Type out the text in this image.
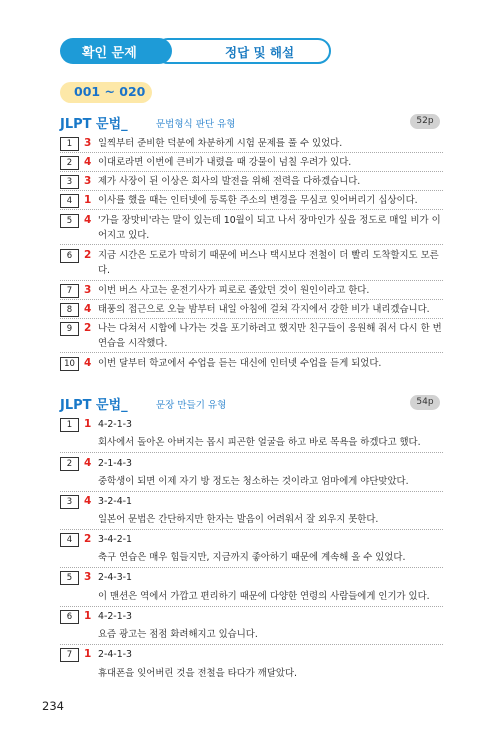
정답 및 해설
확인 문제
001 ~ 020
JLPT 문법_	문법형식 판단 유형	52p
1	3 일찍부터 준비한 덕분에 차분하게 시험 문제를 풀 수 있었다.
2	4 이대로라면 이번에 큰비가 내렸을 때 강물이 넘칠 우려가 있다.
3	3 제가 사장이 된 이상은 회사의 발전을 위해 전력을 다하겠습니다.
4	1 이사를 했을 때는 인터넷에 등록한 주소의 변경을 무심코 잊어버리기 십상이다.
5	4 '가을 장맛비'라는 말이 있는데 10월이 되고 나서 장마인가 싶을 정도로 매일 비가 이어지고 있다.
6	2 지금 시간은 도로가 막히기 때문에 버스나 택시보다 전철이 더 빨리 도착할지도 모른다.
7	3 이번 버스 사고는 운전기사가 피로로 졸았던 것이 원인이라고 한다.
8	4 태풍의 접근으로 오늘 밤부터 내일 아침에 걸쳐 각지에서 강한 비가 내리겠습니다.
9	2 나는 다쳐서 시합에 나가는 것을 포기하려고 했지만 친구들이 응원해 줘서 다시 한 번 연습을 시작했다.
10 4 이번 달부터 학교에서 수업을 듣는 대신에 인터넷 수업을 듣게 되었다.
JLPT 문법_	문장 만들기 유형	54p
1	1 4-2-1-3
회사에서 돌아온 아버지는 몹시 피곤한 얼굴을 하고 바로 목욕을 하겠다고 했다.
2	4 2-1-4-3
중학생이 되면 이제 자기 방 정도는 청소하는 것이라고 엄마에게 야단맞았다.
3	4 3-2-4-1
일본어 문법은 간단하지만 한자는 발음이 어려워서 잘 외우지 못한다.
4	2 3-4-2-1
축구 연습은 매우 힘들지만, 지금까지 좋아하기 때문에 계속해 올 수 있었다.
5	3 2-4-3-1
이 맨션은 역에서 가깝고 편리하기 때문에 다양한 연령의 사람들에게 인기가 있다.
6	1 4-2-1-3
요즘 광고는 점점 화려해지고 있습니다.
7	1 2-4-1-3
휴대폰을 잊어버린 것을 전철을 타다가 깨달았다.
234
